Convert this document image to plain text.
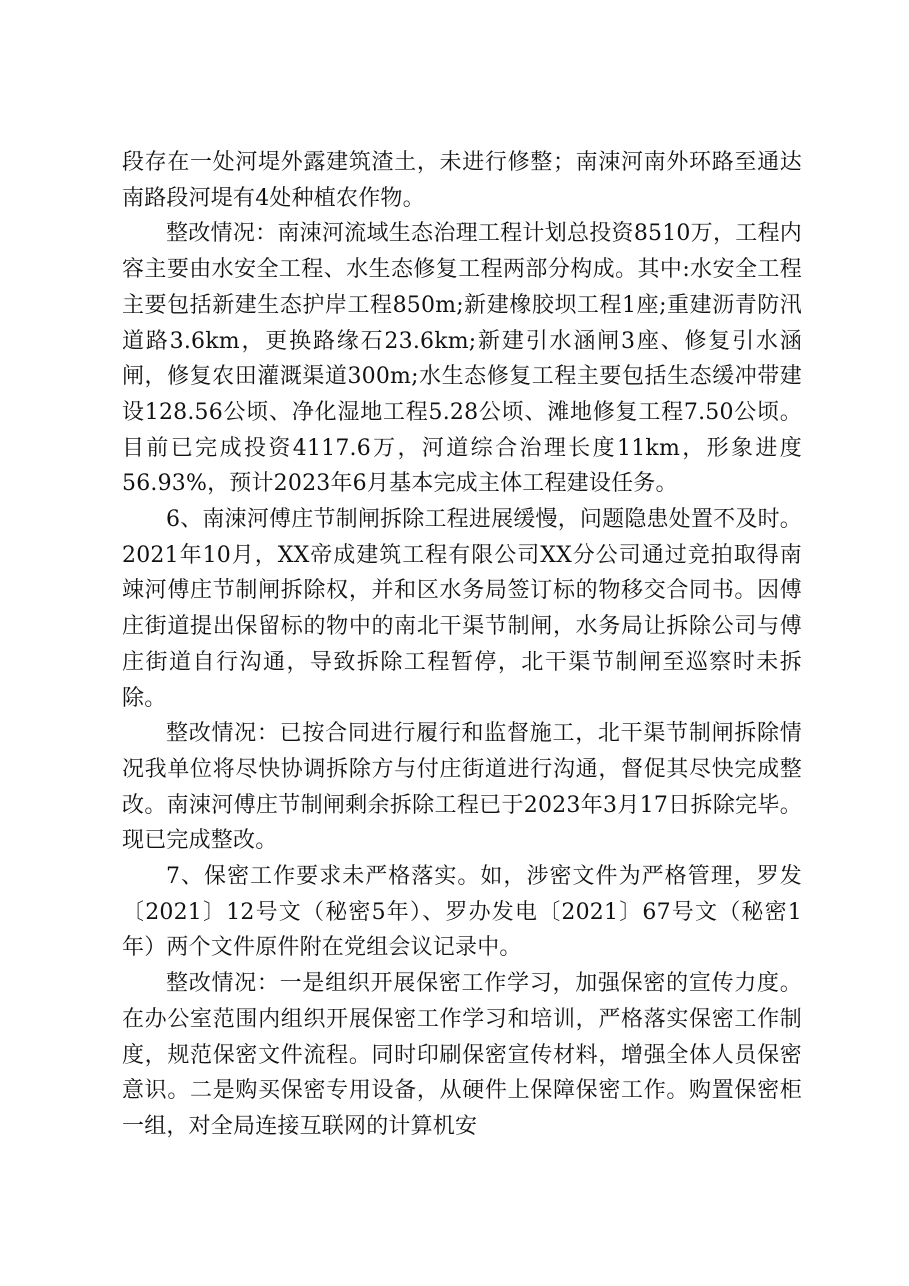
段存在一处河堤外露建筑渣土，未进行修整；南涑河南外环路至通达南路段河堤有4处种植农作物。

整改情况：南涑河流域生态治理工程计划总投资8510万，工程内容主要由水安全工程、水生态修复工程两部分构成。其中:水安全工程主要包括新建生态护岸工程850m;新建橡胶坝工程1座;重建沥青防汛道路3.6km，更换路缘石23.6km;新建引水涵闸3座、修复引水涵闸，修复农田灌溉渠道300m;水生态修复工程主要包括生态缓冲带建设128.56公顷、净化湿地工程5.28公顷、滩地修复工程7.50公顷。目前已完成投资4117.6万，河道综合治理长度11km，形象进度56.93%，预计2023年6月基本完成主体工程建设任务。

6、南涑河傅庄节制闸拆除工程进展缓慢，问题隐患处置不及时。2021年10月，XX帝成建筑工程有限公司XX分公司通过竞拍取得南竦河傅庄节制闸拆除权，并和区水务局签订标的物移交合同书。因傅庄街道提出保留标的物中的南北干渠节制闸，水务局让拆除公司与傅庄街道自行沟通，导致拆除工程暂停，北干渠节制闸至巡察时未拆除。

整改情况：已按合同进行履行和监督施工，北干渠节制闸拆除情况我单位将尽快协调拆除方与付庄街道进行沟通，督促其尽快完成整改。南涑河傅庄节制闸剩余拆除工程已于2023年3月17日拆除完毕。现已完成整改。

7、保密工作要求未严格落实。如，涉密文件为严格管理，罗发〔2021〕12号文（秘密5年）、罗办发电〔2021〕67号文（秘密1年）两个文件原件附在党组会议记录中。

整改情况：一是组织开展保密工作学习，加强保密的宣传力度。在办公室范围内组织开展保密工作学习和培训，严格落实保密工作制度，规范保密文件流程。同时印刷保密宣传材料，增强全体人员保密意识。二是购买保密专用设备，从硬件上保障保密工作。购置保密柜一组，对全局连接互联网的计算机安
